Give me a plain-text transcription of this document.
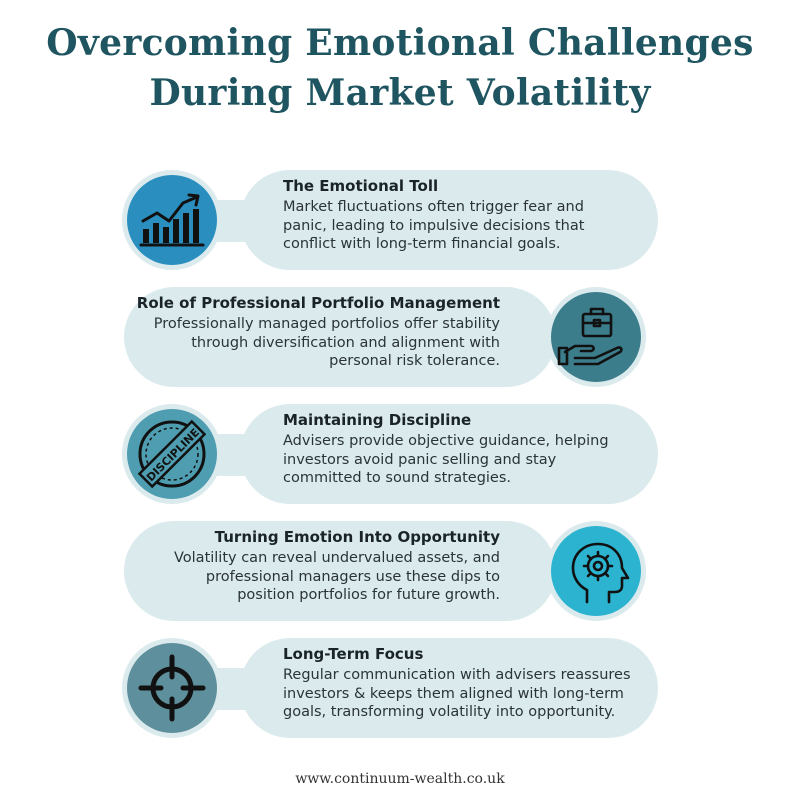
Overcoming Emotional Challenges
During Market Volatility
The Emotional Toll
Market fluctuations often trigger fear and
panic, leading to impulsive decisions that
conflict with long-term financial goals.
Role of Professional Portfolio Management
Professionally managed portfolios offer stability
through diversification and alignment with
personal risk tolerance.
DISCIPLINE
Maintaining Discipline
Advisers provide objective guidance, helping
investors avoid panic selling and stay
committed to sound strategies.
Turning Emotion Into Opportunity
Volatility can reveal undervalued assets, and
professional managers use these dips to
position portfolios for future growth.
Long-Term Focus
Regular communication with advisers reassures
investors & keeps them aligned with long-term
goals, transforming volatility into opportunity.
www.continuum-wealth.co.uk
